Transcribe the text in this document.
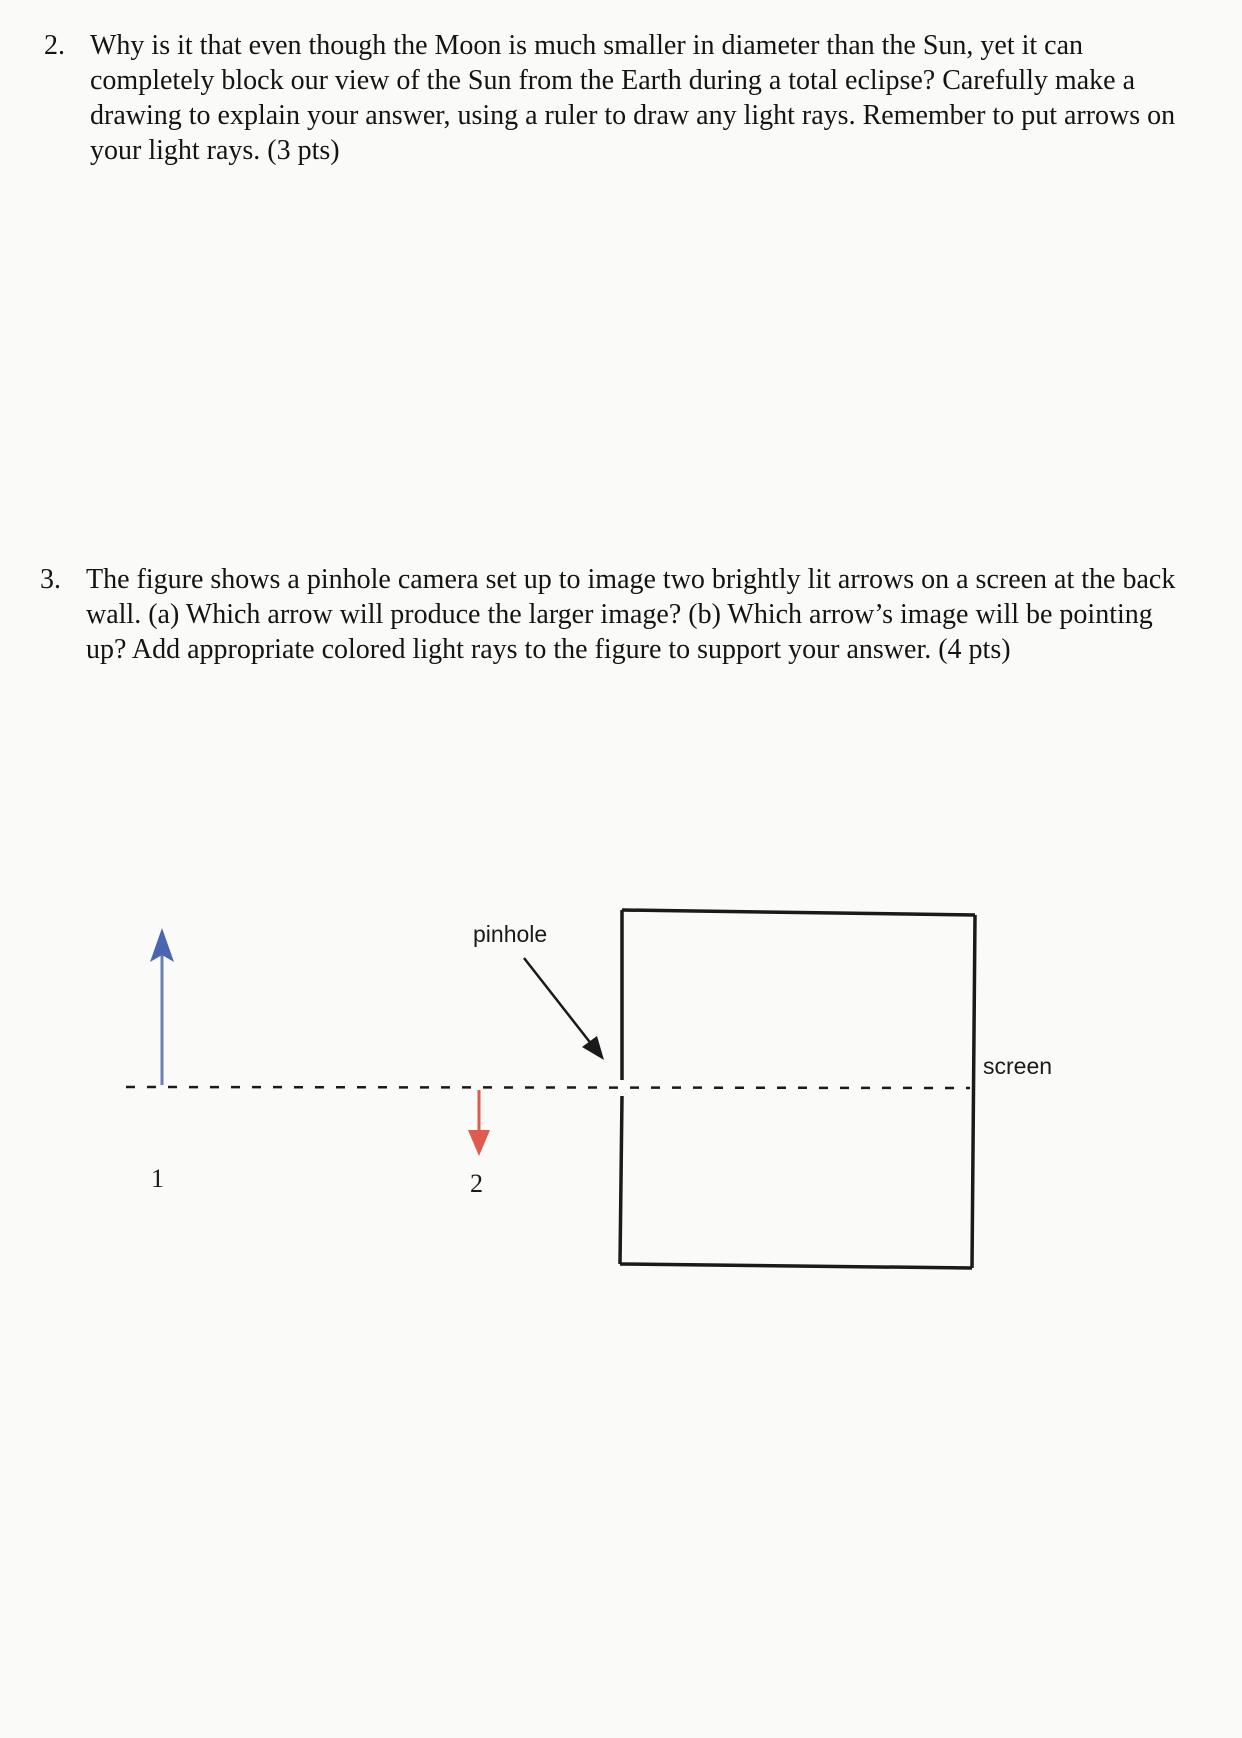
2. Why is it that even though the Moon is much smaller in diameter than the Sun, yet it can completely block our view of the Sun from the Earth during a total eclipse? Carefully make a drawing to explain your answer, using a ruler to draw any light rays. Remember to put arrows on your light rays. (3 pts)
3. The figure shows a pinhole camera set up to image two brightly lit arrows on a screen at the back wall. (a) Which arrow will produce the larger image? (b) Which arrow’s image will be pointing up? Add appropriate colored light rays to the figure to support your answer. (4 pts)
pinhole
screen
1	2
